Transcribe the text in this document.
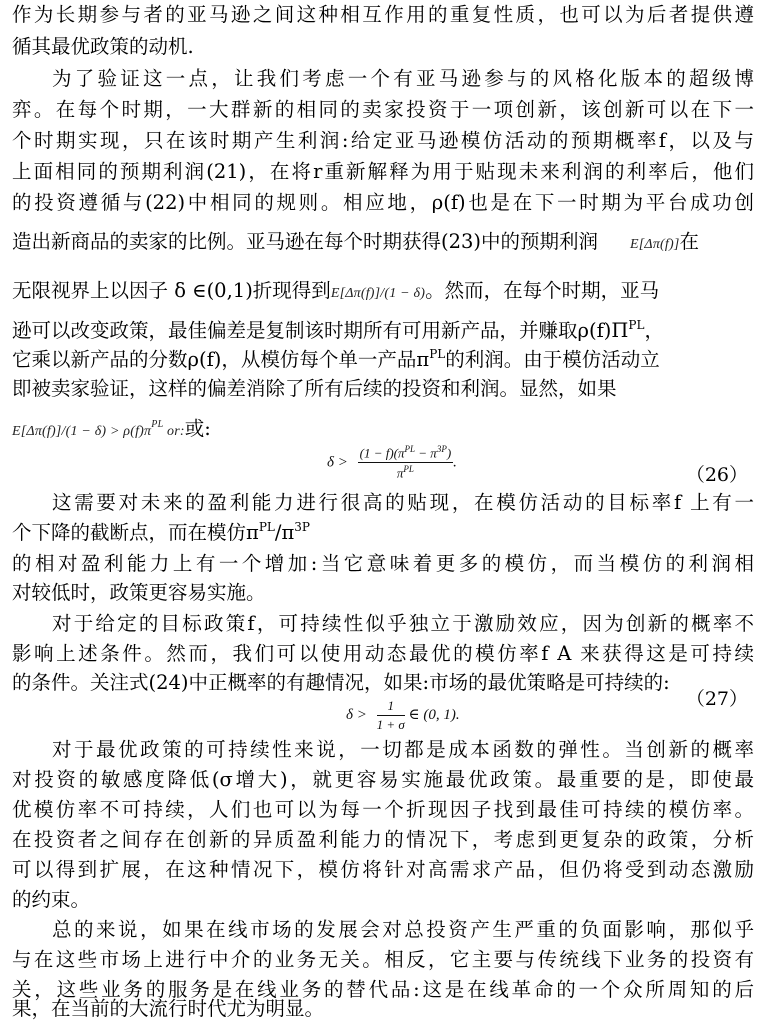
作为长期参与者的亚马逊之间这种相互作用的重复性质，也可以为后者提供遵
循其最优政策的动机.
为了验证这一点，让我们考虑一个有亚马逊参与的风格化版本的超级博
弈。在每个时期，一大群新的相同的卖家投资于一项创新，该创新可以在下一
个时期实现，只在该时期产生利润:给定亚马逊模仿活动的预期概率f，以及与
上面相同的预期利润(21)，在将r重新解释为用于贴现未来利润的利率后，他们
的投资遵循与(22)中相同的规则。相应地，ρ(f)也是在下一时期为平台成功创
造出新商品的卖家的比例。亚马逊在每个时期获得(23)中的预期利润 E[Δπ(f)]在
无限视界上以因子 δ ∈(0,1)折现得到E[Δπ(f)]/(1 − δ)。然而，在每个时期，亚马
逊可以改变政策，最佳偏差是复制该时期所有可用新产品，并赚取$\rho(f)\Pi^{PL}$，
它乘以新产品的分数ρ(f)，从模仿每个单一产品$\pi^{PL}$的利润。由于模仿活动立
即被卖家验证，这样的偏差消除了所有后续的投资和利润。显然，如果
$E[\Delta\pi(f)]/(1 - \delta) > \rho(f)\pi^{PL}$ or:或:
$\delta > \frac{(1 - f)(\pi^{PL} - \pi^{3P})}{\pi^{PL}}$ .
（26）
这需要对未来的盈利能力进行很高的贴现，在模仿活动的目标率f 上有一
个下降的截断点，而在模仿$\pi^{PL}/\pi^{3P}$
的相对盈利能力上有一个增加:当它意味着更多的模仿，而当模仿的利润相
对较低时，政策更容易实施。
对于给定的目标政策f，可持续性似乎独立于激励效应，因为创新的概率不
影响上述条件。然而，我们可以使用动态最优的模仿率f A 来获得这是可持续
的条件。关注式(24)中正概率的有趣情况，如果:市场的最优策略是可持续的:
$\delta > \frac{1}{1 + \sigma}$ ∈ (0, 1).
（27）
对于最优政策的可持续性来说，一切都是成本函数的弹性。当创新的概率
对投资的敏感度降低(σ增大)，就更容易实施最优政策。最重要的是，即使最
优模仿率不可持续，人们也可以为每一个折现因子找到最佳可持续的模仿率。
在投资者之间存在创新的异质盈利能力的情况下，考虑到更复杂的政策，分析
可以得到扩展，在这种情况下，模仿将针对高需求产品，但仍将受到动态激励
的约束。
总的来说，如果在线市场的发展会对总投资产生严重的负面影响，那似乎
与在这些市场上进行中介的业务无关。相反，它主要与传统线下业务的投资有
关，这些业务的服务是在线业务的替代品:这是在线革命的一个众所周知的后
果，在当前的大流行时代尤为明显。
